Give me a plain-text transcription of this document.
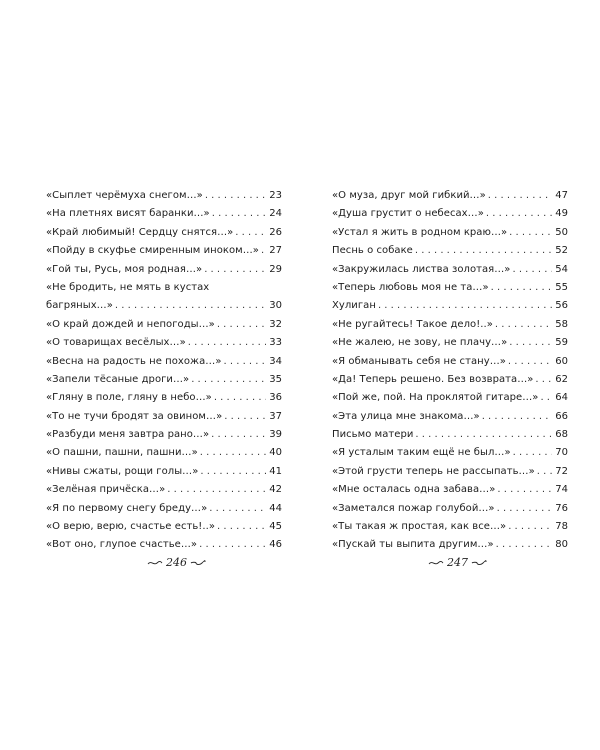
«Сыплет черёмуха снегом…» . . .	23
«На плетнях висят баранки…» . . .	24
«Край любимый! Сердцу снятся…» . . .	26
«Пойду в скуфье смиренным иноком…» . . . 27
«Гой ты, Русь, моя родная…» . . .	29
«Не бродить, не мять в кустах
багряных…» . . .	30
«О край дождей и непогоды…» . . .	32
«О товарищах весёлых…» . . .	33
«Весна на радость не похожа…» . . .	34
«Запели тёсаные дроги…» . . .	35
«Гляну в поле, гляну в небо…» . . .	36
«То не тучи бродят за овином…» . . .	37
«Разбуди меня завтра рано…» . . .	39
«О пашни, пашни, пашни…» . . .	40
«Нивы сжаты, рощи голы…» . . .	41
«Зелёная причёска…» . . .	42
«Я по первому снегу бреду…» . . .	44
«О верю, верю, счастье есть!..» . . .	45
«Вот оно, глупое счастье…» . . .	46
«О муза, друг мой гибкий…» . . .	47
«Душа грустит о небесах…» . . .	49
«Устал я жить в родном краю…» . . .	50
Песнь о собаке . . .	52
«Закружилась листва золотая…» . . .	54
«Теперь любовь моя не та…» . . .	55
Хулиган . . .	56
«Не ругайтесь! Такое дело!..» . . .	58
«Не жалею, не зову, не плачу…» . . .	59
«Я обманывать себя не стану…» . . .	60
«Да! Теперь решено. Без возврата…» . . . 62
«Пой же, пой. На проклятой гитаре…» . . . 64
«Эта улица мне знакома…» . . .	66
Письмо матери . . .	68
«Я усталым таким ещё не был…» . . .	70
«Этой грусти теперь не рассыпать…» . . . 72
«Мне осталась одна забава…» . . .	74
«Заметался пожар голубой…» . . .	76
«Ты такая ж простая, как все…» . . .	78
«Пускай ты выпита другим…» . . .	80
246	247
